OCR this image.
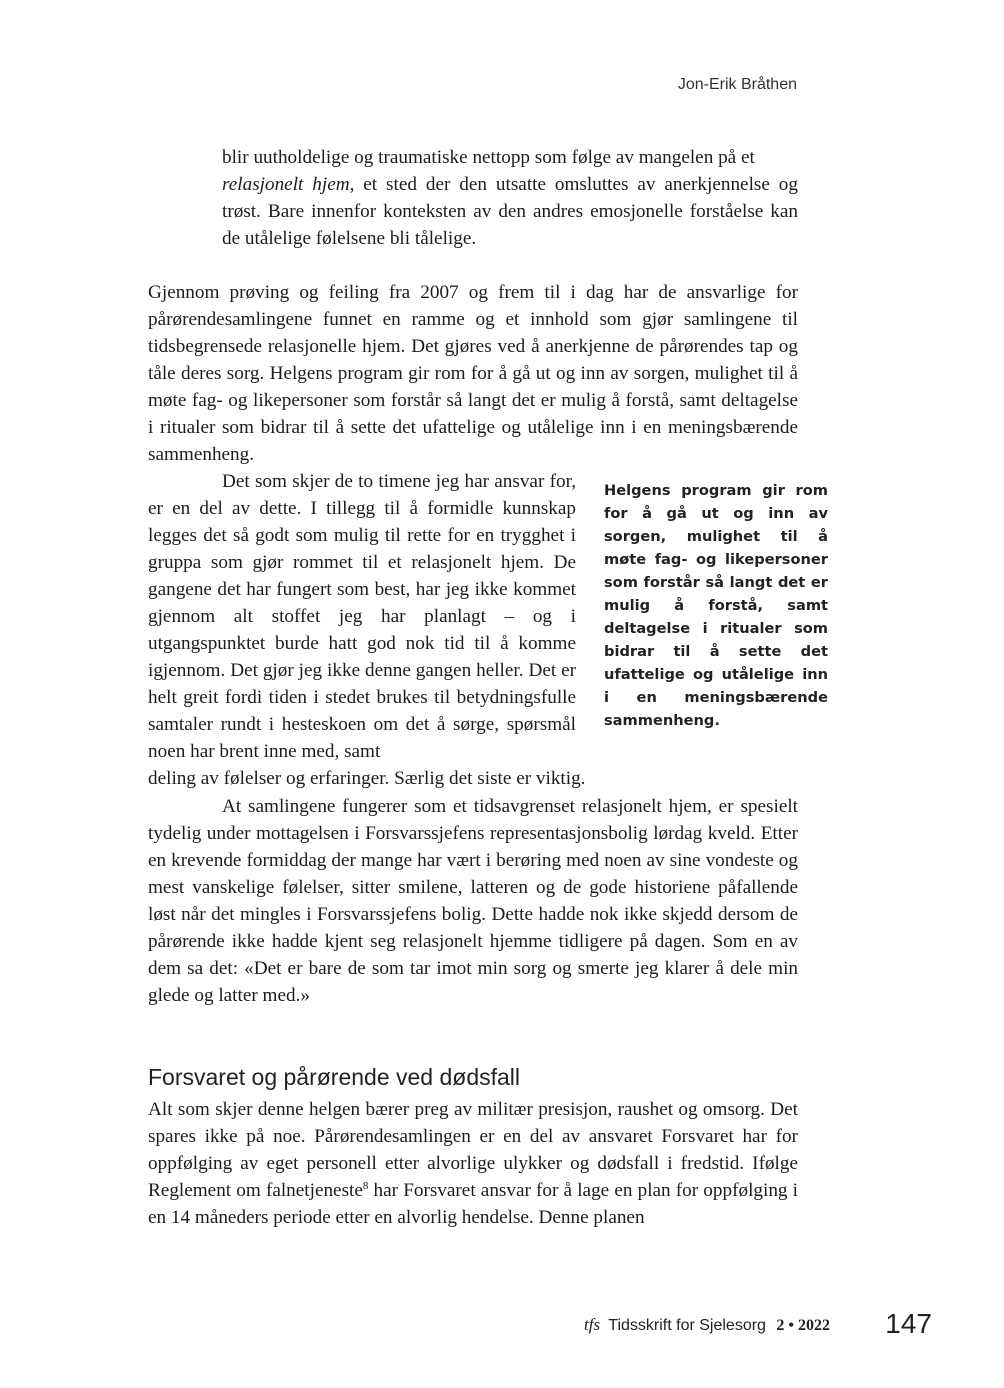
Jon-Erik Bråthen

blir uutholdelige og traumatiske nettopp som følge av mangelen på et
relasjonelt hjem, et sted der den utsatte omsluttes av anerkjennelse og trøst. Bare innenfor konteksten av den andres emosjonelle forståelse kan de utålelige følelsene bli tålelige.

Gjennom prøving og feiling fra 2007 og frem til i dag har de ansvarlige for pårørendesamlingene funnet en ramme og et innhold som gjør samlingene til tidsbegrensede relasjonelle hjem. Det gjøres ved å anerkjenne de pårørendes tap og tåle deres sorg. Helgens program gir rom for å gå ut og inn av sorgen, mulighet til å møte fag- og likepersoner som forstår så langt det er mulig å forstå, samt deltagelse i ritualer som bidrar til å sette det ufattelige og utålelige inn i en meningsbærende sammenheng.

Det som skjer de to timene jeg har ansvar for, er en del av dette. I tillegg til å formidle kunnskap legges det så godt som mulig til rette for en trygghet i gruppa som gjør rommet til et relasjonelt hjem. De gangene det har fungert som best, har jeg ikke kommet gjennom alt stoffet jeg har planlagt – og i utgangspunktet burde hatt god nok tid til å komme igjennom. Det gjør jeg ikke denne gangen heller. Det er helt greit fordi tiden i stedet brukes til betydningsfulle samtaler rundt i hesteskoen om det å sørge, spørsmål noen har brent inne med, samt

deling av følelser og erfaringer. Særlig det siste er viktig.

Helgens program gir rom for å gå ut og inn av sorgen, mulighet til å møte fag- og likepersoner som forstår så langt det er mulig å forstå, samt deltagelse i ritualer som bidrar til å sette det ufattelige og utålelige inn i en meningsbærende sammenheng.

At samlingene fungerer som et tidsavgrenset relasjonelt hjem, er spesielt tydelig under mottagelsen i Forsvarssjefens representasjonsbolig lørdag kveld. Etter en krevende formiddag der mange har vært i berøring med noen av sine vondeste og mest vanskelige følelser, sitter smilene, latteren og de gode historiene påfallende løst når det mingles i Forsvarssjefens bolig. Dette hadde nok ikke skjedd dersom de pårørende ikke hadde kjent seg relasjonelt hjemme tidligere på dagen. Som en av dem sa det: «Det er bare de som tar imot min sorg og smerte jeg klarer å dele min glede og latter med.»

Forsvaret og pårørende ved dødsfall

Alt som skjer denne helgen bærer preg av militær presisjon, raushet og omsorg. Det spares ikke på noe. Pårørendesamlingen er en del av ansvaret Forsvaret har for oppfølging av eget personell etter alvorlige ulykker og dødsfall i fredstid. Ifølge Reglement om falnetjeneste$^8$ har Forsvaret ansvar for å lage en plan for oppfølging i en 14 måneders periode etter en alvorlig hendelse. Denne planen

tfs Tidsskrift for Sjelesorg 2 • 2022 147
